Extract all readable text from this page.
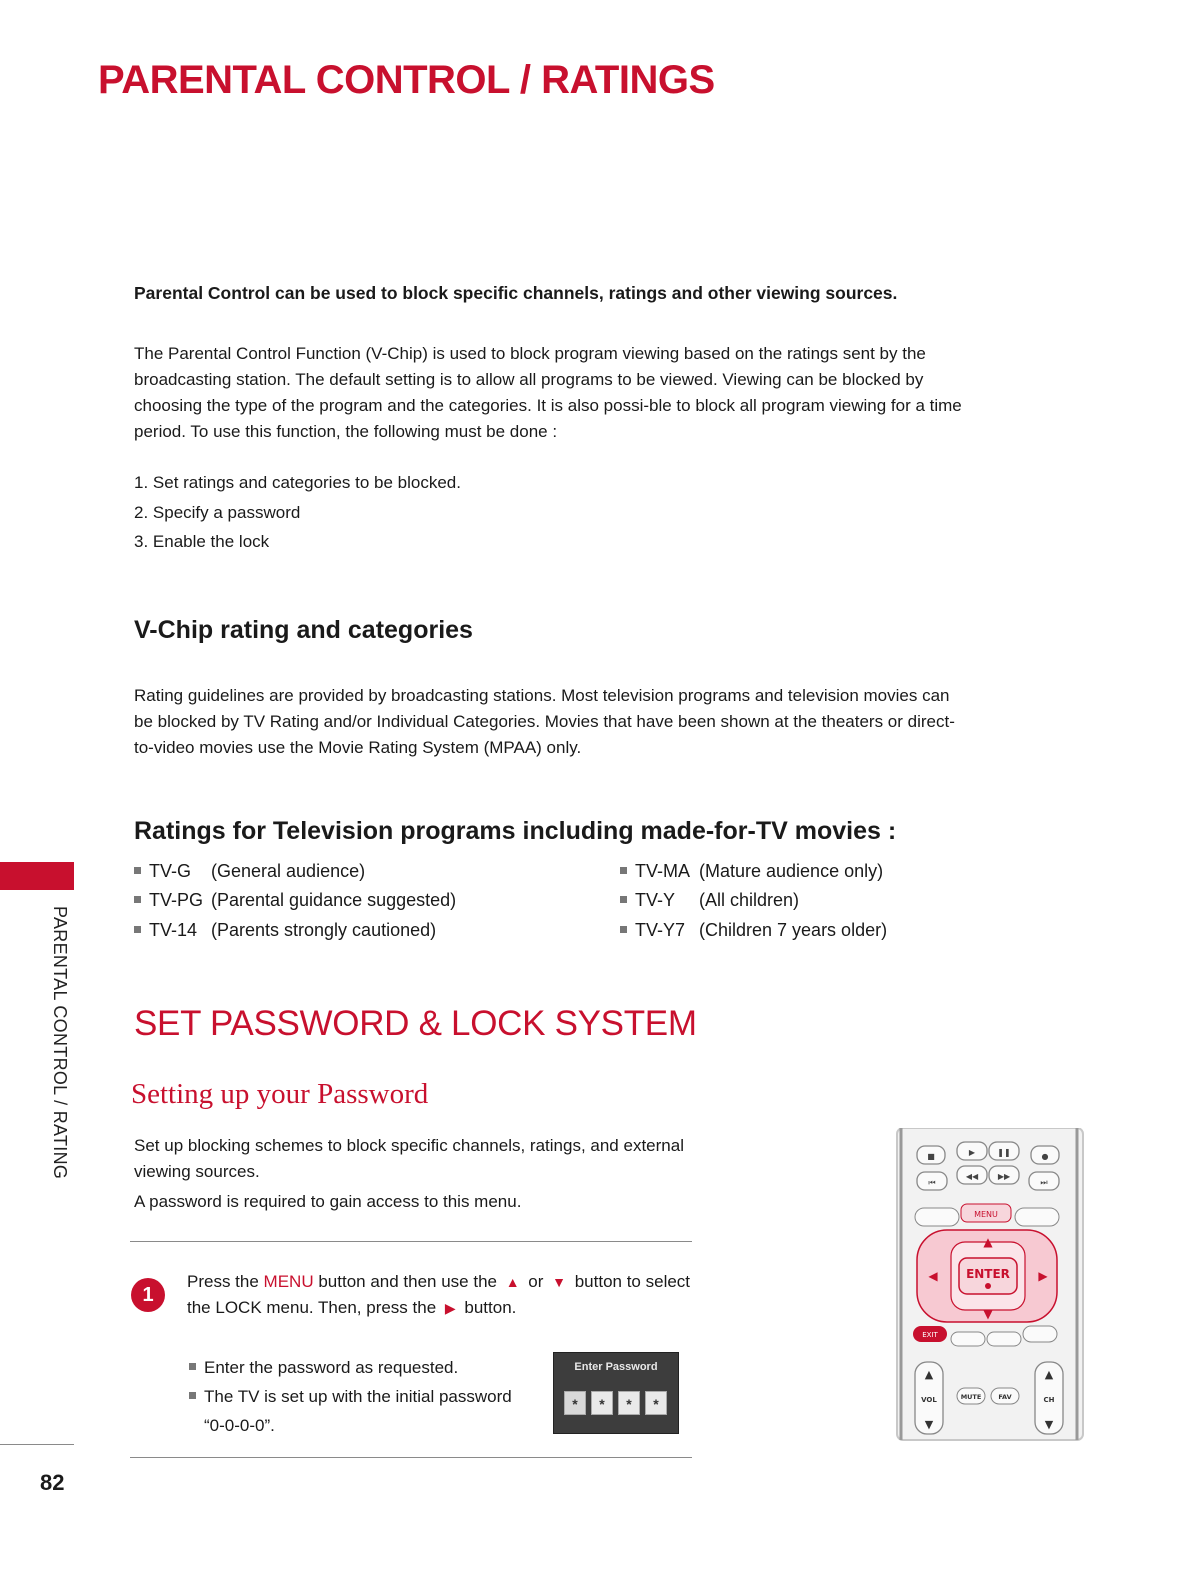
PARENTAL CONTROL / RATINGS
Parental Control can be used to block specific channels, ratings and other viewing sources.
The Parental Control Function (V-Chip) is used to block program viewing based on the ratings sent by the broadcasting station. The default setting is to allow all programs to be viewed. Viewing can be blocked by choosing the type of the program and the categories. It is also possi-ble to block all program viewing for a time period. To use this function, the following must be done :
1. Set ratings and categories to be blocked.
2. Specify a password
3. Enable the lock
V-Chip rating and categories
Rating guidelines are provided by broadcasting stations. Most television programs and television movies can be blocked by TV Rating and/or Individual Categories. Movies that have been shown at the theaters or direct-to-video movies use the Movie Rating System (MPAA) only.
Ratings for Television programs including made-for-TV movies :
TV-G (General audience)
TV-PG (Parental guidance suggested)
TV-14 (Parents strongly cautioned)
TV-MA (Mature audience only)
TV-Y (All children)
TV-Y7 (Children 7 years older)
SET PASSWORD & LOCK SYSTEM
Setting up your Password
Set up blocking schemes to block specific channels, ratings, and external viewing sources.
A password is required to gain access to this menu.
1
Press the MENU button and then use the ▲ or ▼ button to select the LOCK menu. Then, press the ▶ button.
Enter the password as requested.
The TV is set up with the initial password “0-0-0-0”.
Enter Password
*	*	*	*
■	▶	❚❚	●
⏮
◀◀ ▶▶
⏭
MENU
ENTER
▲
▼
◀	▶
EXIT
▲
▼
▲
▼
VOL	CH
MUTE	FAV
PARENTAL CONTROL / RATING
82
